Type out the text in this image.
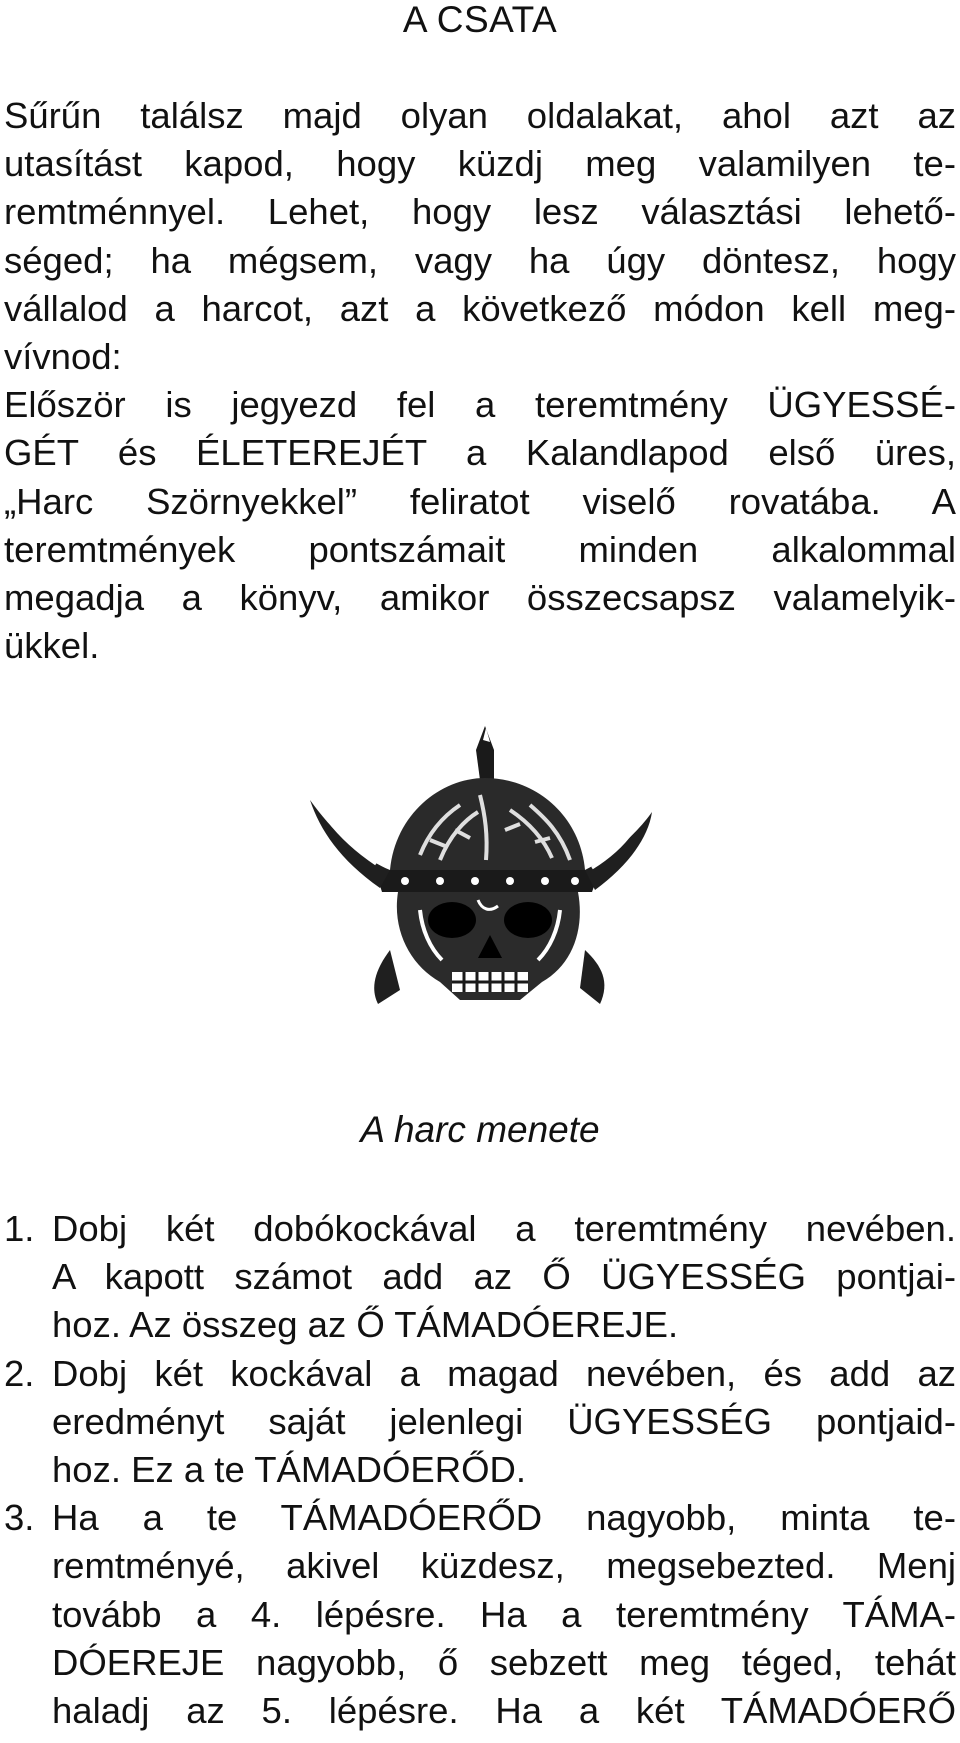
A CSATA
Sűrűn találsz majd olyan oldalakat, ahol azt az
utasítást kapod, hogy küzdj meg valamilyen te-
remtménnyel. Lehet, hogy lesz választási lehető-
séged; ha mégsem, vagy ha úgy döntesz, hogy
vállalod a harcot, azt a következő módon kell meg-
vívnod:
Először is jegyezd fel a teremtmény ÜGYESSÉ-
GÉT és ÉLETEREJÉT a Kalandlapod első üres,
„Harc Szörnyekkel” feliratot viselő rovatába. A
teremtmények pontszámait minden alkalommal
megadja a könyv, amikor összecsapsz valamelyik-
ükkel.
A harc menete
1. Dobj két dobókockával a teremtmény nevében.
A kapott számot add az Ő ÜGYESSÉG pontjai-
hoz. Az összeg az Ő TÁMADÓEREJE.
2. Dobj két kockával a magad nevében, és add az
eredményt saját jelenlegi ÜGYESSÉG pontjaid-
hoz. Ez a te TÁMADÓERŐD.
3. Ha a te TÁMADÓERŐD nagyobb, minta te-
remtményé, akivel küzdesz, megsebezted. Menj
tovább a 4. lépésre. Ha a teremtmény TÁMA-
DÓEREJE nagyobb, ő sebzett meg téged, tehát
haladj az 5. lépésre. Ha a két TÁMADÓERŐ
